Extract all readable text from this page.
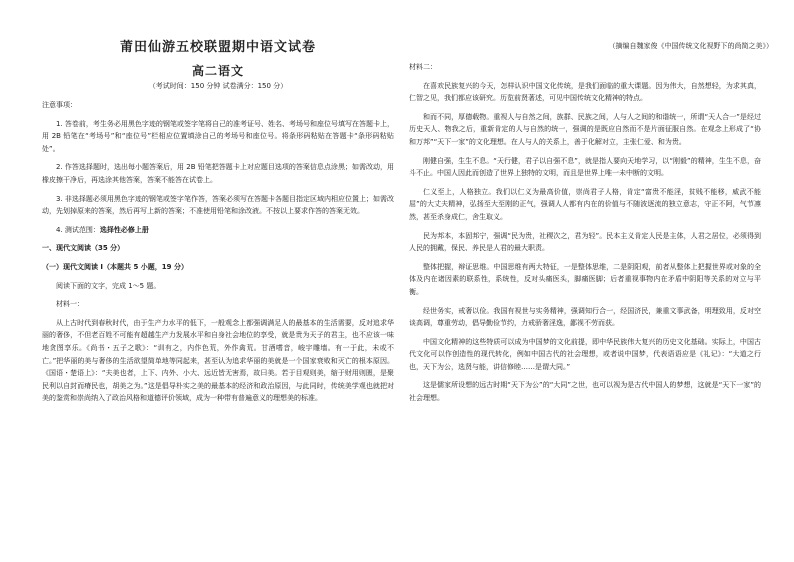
莆田仙游五校联盟期中语文试卷
高二语文
（考试时间：150 分钟 试卷满分：150 分）

注意事项：

1. 答卷前，考生务必用黑色字迹的钢笔或签字笔将自己的准考证号、姓名、考场号和座位号填写在答题卡上，用 2B 铅笔在“考场号”和“座位号”栏相应位置填涂自己的考场号和座位号。将条形码粘贴在答题卡“条形码粘贴处”。

2. 作答选择题时，选出每小题答案后，用 2B 铅笔把答题卡上对应题目选项的答案信息点涂黑；如需改动，用橡皮擦干净后，再选涂其他答案，答案不能答在试卷上。

3. 非选择题必须用黑色字迹的钢笔或签字笔作答，答案必须写在答题卡各题目指定区域内相应位置上；如需改动，先划掉原来的答案，然后再写上新的答案；不准使用铅笔和涂改液。不按以上要求作答的答案无效。

4. 测试范围：选择性必修上册

一、现代文阅读（35 分）

（一）现代文阅读 I（本题共 5 小题，19 分）

阅读下面的文字，完成 1～5 题。

材料一：

从上古时代到春秋时代，由于生产力水平的低下，一般观念上都强调满足人的最基本的生活需要，反对追求华丽的奢侈，不但老百姓不可能有超越生产力发展水平和自身社会地位的享受，就是贵为天子的君主，也不应该一味地贪图享乐。《尚书・五子之歌》：“训有之，内作色荒，外作禽荒。甘酒嗜音，峻宇雕墙。有一于此，未或不亡。”把华丽的美与奢侈的生活欲望简单地等同起来，甚至认为追求华丽的美就是一个国家衰败和灭亡的根本原因。《国语・楚语上》：“夫美也者，上下、内外、小大、远近皆无害焉，故曰美。若于目观则美，缩于财用则匮，是聚民利以自封而瘠民也，胡美之为。”这是倡导朴实之美的最基本的经济和政治原因，与此同时，传统美学观也就把对美的鉴赏和崇尚纳入了政治风格和道德评价领域，成为一种带有普遍意义的理想美的标准。

（摘编自魏家俊《中国传统文化视野下的尚简之美》）

材料二：

在喜欢民族复兴的今天，怎样认识中国文化传统，是我们面临的重大课题。因为伟大，自然想轻，为求其真，仁智之见，我们都应该研究。历览前贤著述，可见中国传统文化精神的特点。

和而不同，厚德载物。重视人与自然之间，族群、民族之间，人与人之间的和谐统一，所谓“天人合一”是经过历史天人、物我之后，重新肯定的人与自然的统一，强调的是既应自然而不是片面征服自然。在观念上形成了“协和万邦”“天下一家”的文化理想。在人与人的关系上，善于化解对立，主张仁爱、和为贵。

刚健自强，生生不息。“天行健，君子以自强不息”，就是指人要向天地学习，以“刚毅”的精神，生生不息，奋斗不止。中国人因此而创造了世界上独特的文明，而且是世界上唯一未中断的文明。

仁义至上，人格独立。我们以仁义为最高价值，崇尚君子人格，肯定“富贵不能淫，贫贱不能移，威武不能屈”的大丈夫精神，弘扬至大至刚的正气，强调人人都有内在的价值与不随波逐流的独立意志，守正不阿，气节凛然，甚至杀身成仁，舍生取义。

民为邦本，本固邦宁，强调“民为贵，社稷次之，君为轻”。民本主义肯定人民是主体，人君之居位，必须得到人民的拥戴，保民、养民是人君的最大职责。

整体把握，辩证思维。中国思维有两大特征，一是整体思维，二是阴阳观，前者从整体上把握世界或对象的全体及内在诸因素的联系性，系统性，反对头痛医头，脚痛医脚；后者重视事物内在矛盾中阴阳等关系的对立与平衡。

经世务实，戒奢以俭。我国有视世与实务精神，强调知行合一，经国济民，兼重文事武备，明理致用，反对空谈高调，尊重劳动，倡导勤俭节约，力戒骄奢淫逸，鄙视不劳而获。

中国文化精神的这些特质可以成为中国梦的文化前提，即中华民族伟大复兴的历史文化基础。实际上，中国古代文化可以作创造性的现代转化，例如中国古代的社会理想，或者说中国梦，代表语语应是《礼记》：“大道之行也，天下为公，选贤与能，讲信修睦……是谓大同。”

这是儒家所设想的远古时期“天下为公”的“大同”之世，也可以视为是古代中国人的梦想，这就是“天下一家”的社会理想。
